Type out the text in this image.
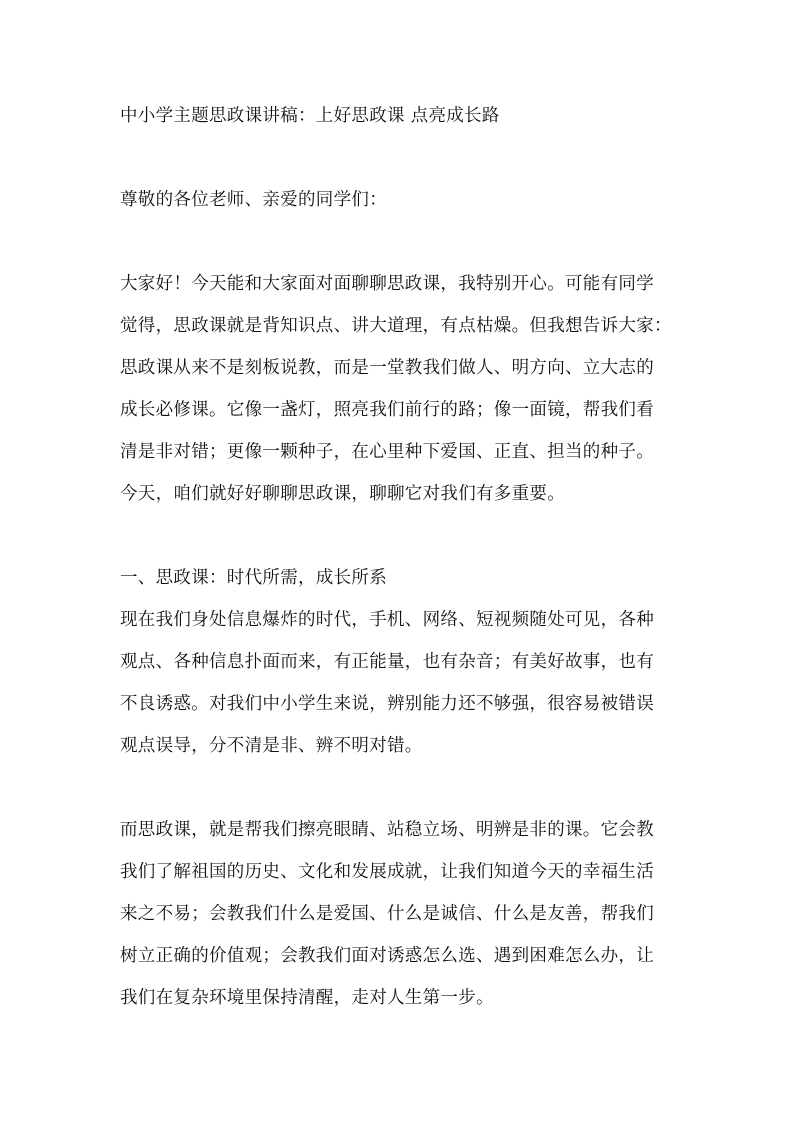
中小学主题思政课讲稿：上好思政课 点亮成长路
尊敬的各位老师、亲爱的同学们：
大家好！今天能和大家面对面聊聊思政课，我特别开心。可能有同学
觉得，思政课就是背知识点、讲大道理，有点枯燥。但我想告诉大家：
思政课从来不是刻板说教，而是一堂教我们做人、明方向、立大志的
成长必修课。它像一盏灯，照亮我们前行的路；像一面镜，帮我们看
清是非对错；更像一颗种子，在心里种下爱国、正直、担当的种子。
今天，咱们就好好聊聊思政课，聊聊它对我们有多重要。
一、思政课：时代所需，成长所系
现在我们身处信息爆炸的时代，手机、网络、短视频随处可见，各种
观点、各种信息扑面而来，有正能量，也有杂音；有美好故事，也有
不良诱惑。对我们中小学生来说，辨别能力还不够强，很容易被错误
观点误导，分不清是非、辨不明对错。
而思政课，就是帮我们擦亮眼睛、站稳立场、明辨是非的课。它会教
我们了解祖国的历史、文化和发展成就，让我们知道今天的幸福生活
来之不易；会教我们什么是爱国、什么是诚信、什么是友善，帮我们
树立正确的价值观；会教我们面对诱惑怎么选、遇到困难怎么办，让
我们在复杂环境里保持清醒，走对人生第一步。
